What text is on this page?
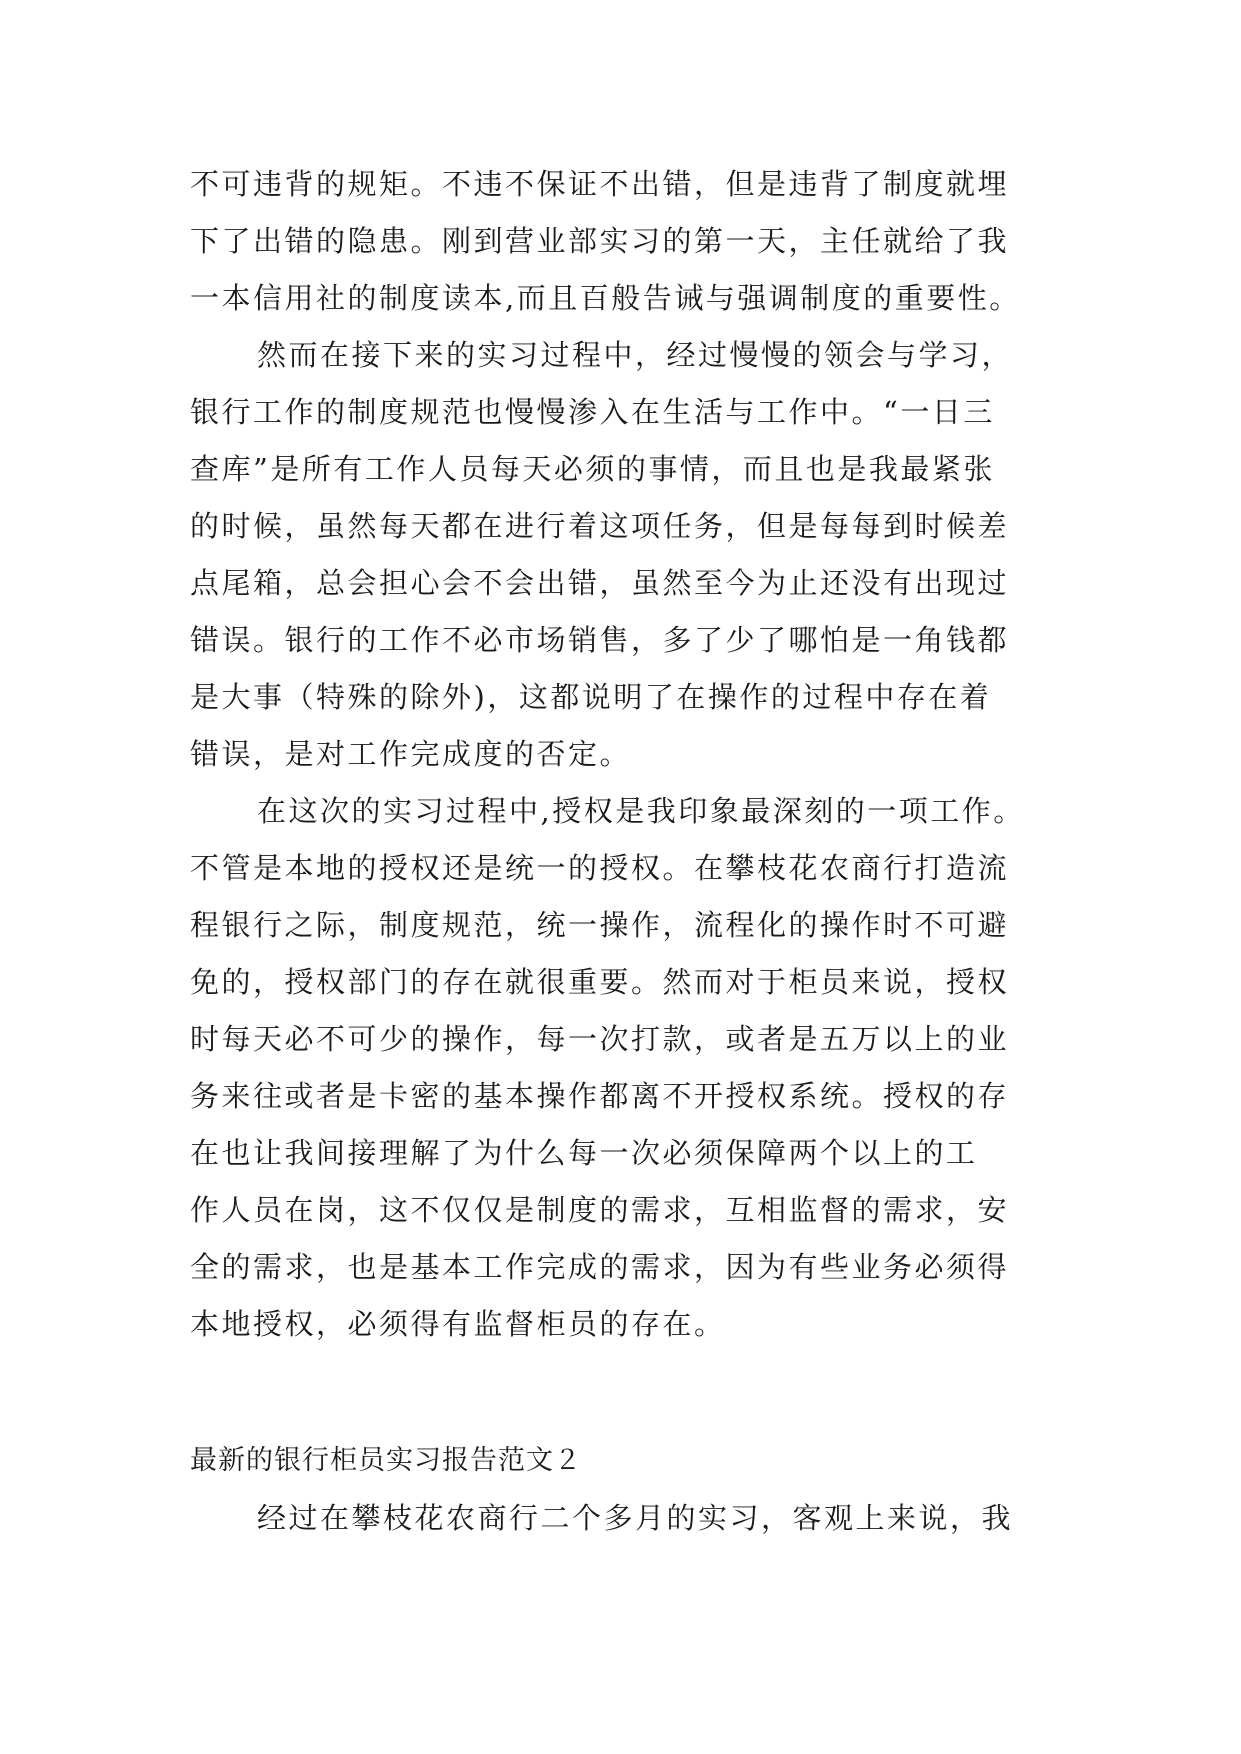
不可违背的规矩。不违不保证不出错，但是违背了制度就埋

下了出错的隐患。刚到营业部实习的第一天，主任就给了我

一本信用社的制度读本,而且百般告诫与强调制度的重要性。

然而在接下来的实习过程中，经过慢慢的领会与学习，

银行工作的制度规范也慢慢渗入在生活与工作中。“一日三

查库”是所有工作人员每天必须的事情，而且也是我最紧张

的时候，虽然每天都在进行着这项任务，但是每每到时候差

点尾箱，总会担心会不会出错，虽然至今为止还没有出现过

错误。银行的工作不必市场销售，多了少了哪怕是一角钱都

是大事（特殊的除外)，这都说明了在操作的过程中存在着

错误，是对工作完成度的否定。

在这次的实习过程中,授权是我印象最深刻的一项工作。

不管是本地的授权还是统一的授权。在攀枝花农商行打造流

程银行之际，制度规范，统一操作，流程化的操作时不可避

免的，授权部门的存在就很重要。然而对于柜员来说，授权

时每天必不可少的操作，每一次打款，或者是五万以上的业

务来往或者是卡密的基本操作都离不开授权系统。授权的存

在也让我间接理解了为什么每一次必须保障两个以上的工

作人员在岗，这不仅仅是制度的需求，互相监督的需求，安

全的需求，也是基本工作完成的需求，因为有些业务必须得

本地授权，必须得有监督柜员的存在。

最新的银行柜员实习报告范文２

经过在攀枝花农商行二个多月的实习，客观上来说，我
